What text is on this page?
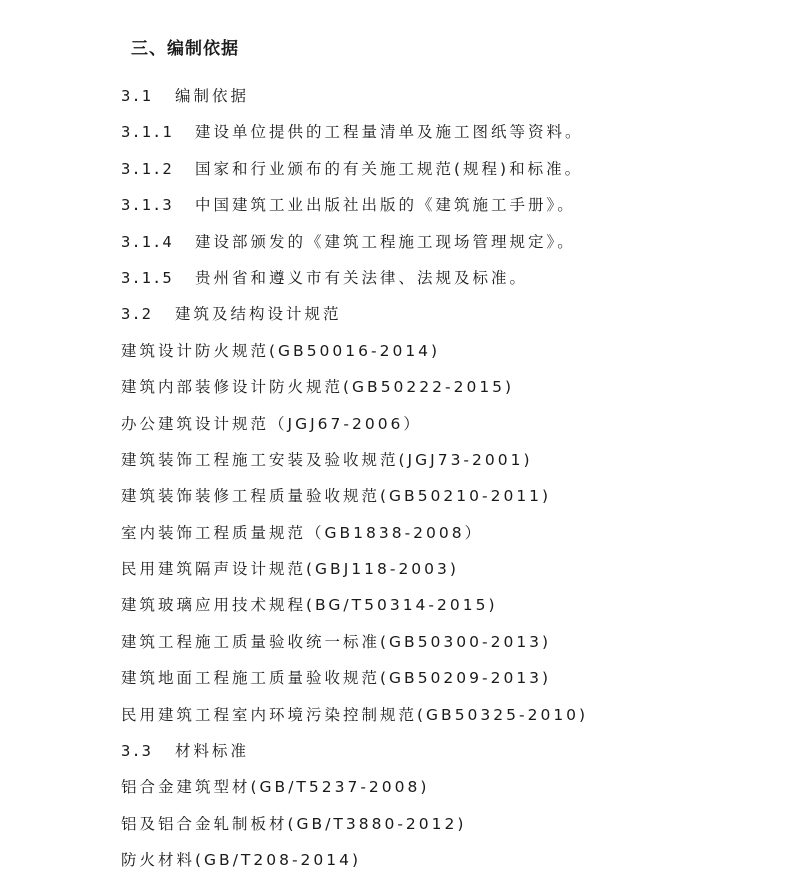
三、编制依据
3.1 编制依据
3.1.1 建设单位提供的工程量清单及施工图纸等资料。
3.1.2 国家和行业颁布的有关施工规范(规程)和标准。
3.1.3 中国建筑工业出版社出版的《建筑施工手册》。
3.1.4 建设部颁发的《建筑工程施工现场管理规定》。
3.1.5 贵州省和遵义市有关法律、法规及标准。
3.2 建筑及结构设计规范
建筑设计防火规范(GB50016-2014)
建筑内部装修设计防火规范(GB50222-2015)
办公建筑设计规范（JGJ67-2006）
建筑装饰工程施工安装及验收规范(JGJ73-2001)
建筑装饰装修工程质量验收规范(GB50210-2011)
室内装饰工程质量规范（GB1838-2008）
民用建筑隔声设计规范(GBJ118-2003)
建筑玻璃应用技术规程(BG/T50314-2015)
建筑工程施工质量验收统一标准(GB50300-2013)
建筑地面工程施工质量验收规范(GB50209-2013)
民用建筑工程室内环境污染控制规范(GB50325-2010)
3.3 材料标准
铝合金建筑型材(GB/T5237-2008)
铝及铝合金轧制板材(GB/T3880-2012)
防火材料(GB/T208-2014)
